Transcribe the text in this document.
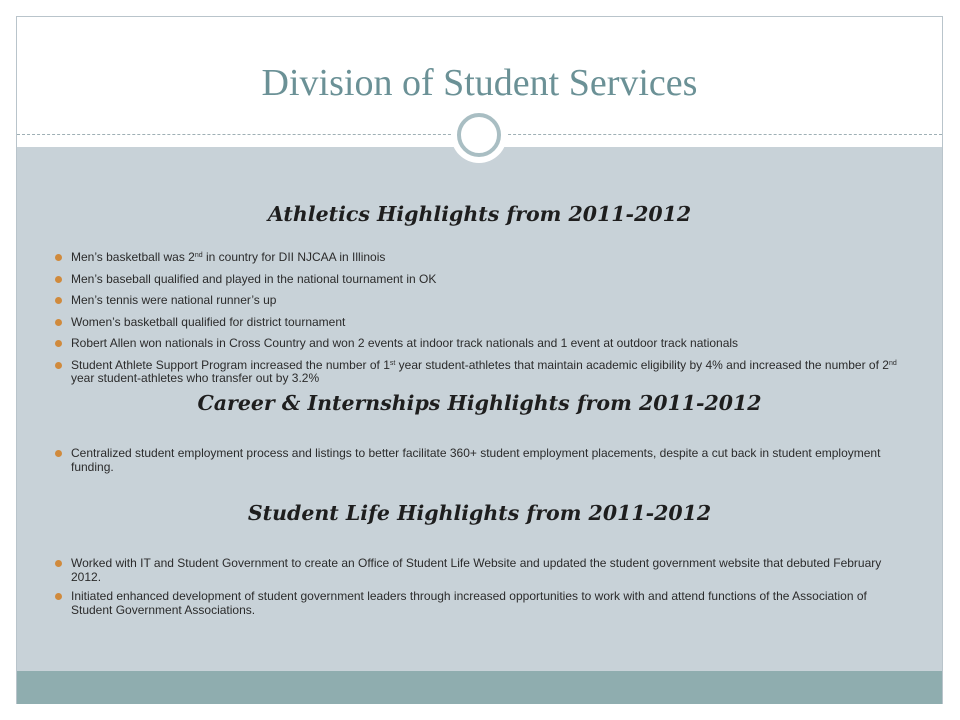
Division of Student Services
Athletics Highlights from 2011-2012
Men’s basketball was 2nd in country for DII NJCAA in Illinois
Men’s baseball qualified and played in the national tournament in OK
Men’s tennis were national runner’s up
Women’s basketball qualified for district tournament
Robert Allen won nationals in Cross Country and won 2 events at indoor track nationals and 1 event at outdoor track nationals
Student Athlete Support Program increased the number of 1st year student-athletes that maintain academic eligibility by 4% and increased the number of 2nd year student-athletes who transfer out by 3.2%
Career & Internships Highlights from 2011-2012
Centralized student employment process and listings to better facilitate 360+ student employment placements, despite a cut back in student employment funding.
Student Life Highlights from 2011-2012
Worked with IT and Student Government to create an Office of Student Life Website and updated the student government website that debuted February 2012.
Initiated enhanced development of student government leaders through increased opportunities to work with and attend functions of the Association of Student Government Associations.
